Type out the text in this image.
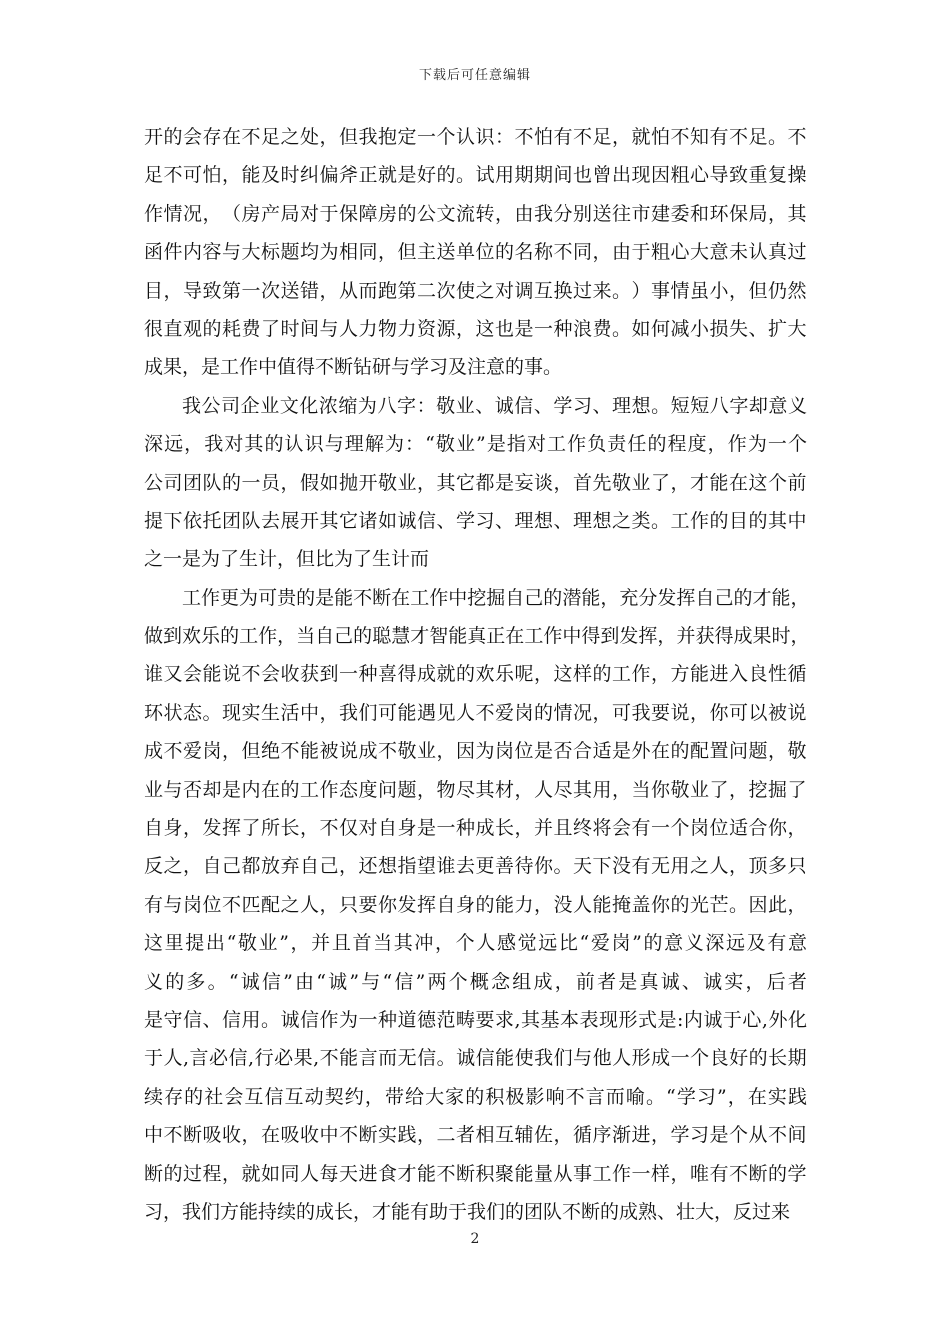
下载后可任意编辑
开 的 会 存 在 不 足 之 处 ， 但 我 抱 定 一 个 认 识 ： 不 怕 有 不 足 ， 就 怕 不 知 有 不 足 。 不
足 不 可 怕 ， 能 及 时 纠 偏 斧 正 就 是 好 的 。 试 用 期 期 间 也 曾 出 现 因 粗 心 导 致 重 复 操
作 情 况 ， （ 房 产 局 对 于 保 障 房 的 公 文 流 转 ， 由 我 分 别 送 往 市 建 委 和 环 保 局 ， 其
函 件 内 容 与 大 标 题 均 为 相 同 ， 但 主 送 单 位 的 名 称 不 同 ， 由 于 粗 心 大 意 未 认 真 过
目 ， 导 致 第 一 次 送 错 ， 从 而 跑 第 二 次 使 之 对 调 互 换 过 来 。 ） 事 情 虽 小 ， 但 仍 然
很 直 观 的 耗 费 了 时 间 与 人 力 物 力 资 源 ， 这 也 是 一 种 浪 费 。 如 何 减 小 损 失 、 扩 大
成果，是工作中值得不断钻研与学习及注意的事。
我 公 司 企 业 文 化 浓 缩 为 八 字 ： 敬 业 、 诚 信 、 学 习 、 理 想 。 短 短 八 字 却 意 义
深 远 ， 我 对 其 的 认 识 与 理 解 为 ： “ 敬 业 ” 是 指 对 工 作 负 责 任 的 程 度 ， 作 为 一 个
公 司 团 队 的 一 员 ， 假 如 抛 开 敬 业 ， 其 它 都 是 妄 谈 ， 首 先 敬 业 了 ， 才 能 在 这 个 前
提 下 依 托 团 队 去 展 开 其 它 诸 如 诚 信 、 学 习 、 理 想 、 理 想 之 类 。 工 作 的 目 的 其 中
之一是为了生计，但比为了生计而
工 作 更 为 可 贵 的 是 能 不 断 在 工 作 中 挖 掘 自 己 的 潜 能 ， 充 分 发 挥 自 己 的 才 能 ，
做 到 欢 乐 的 工 作 ， 当 自 己 的 聪 慧 才 智 能 真 正 在 工 作 中 得 到 发 挥 ， 并 获 得 成 果 时 ，
谁 又 会 能 说 不 会 收 获 到 一 种 喜 得 成 就 的 欢 乐 呢 ， 这 样 的 工 作 ， 方 能 进 入 良 性 循
环 状 态 。 现 实 生 活 中 ， 我 们 可 能 遇 见 人 不 爱 岗 的 情 况 ， 可 我 要 说 ， 你 可 以 被 说
成 不 爱 岗 ， 但 绝 不 能 被 说 成 不 敬 业 ， 因 为 岗 位 是 否 合 适 是 外 在 的 配 置 问 题 ， 敬
业 与 否 却 是 内 在 的 工 作 态 度 问 题 ， 物 尽 其 材 ， 人 尽 其 用 ， 当 你 敬 业 了 ， 挖 掘 了
自 身 ， 发 挥 了 所 长 ， 不 仅 对 自 身 是 一 种 成 长 ， 并 且 终 将 会 有 一 个 岗 位 适 合 你 ，
反 之 ， 自 己 都 放 弃 自 己 ， 还 想 指 望 谁 去 更 善 待 你 。 天 下 没 有 无 用 之 人 ， 顶 多 只
有 与 岗 位 不 匹 配 之 人 ， 只 要 你 发 挥 自 身 的 能 力 ， 没 人 能 掩 盖 你 的 光 芒 。 因 此 ，
这 里 提 出 “ 敬 业 ” ， 并 且 首 当 其 冲 ， 个 人 感 觉 远 比 “ 爱 岗 ” 的 意 义 深 远 及 有 意
义 的 多 。 “ 诚 信 ” 由 “ 诚 ” 与 “ 信 ” 两 个 概 念 组 成 ， 前 者 是 真 诚 、 诚 实 ， 后 者
是 守 信 、 信 用 。 诚 信 作 为 一 种 道 德 范 畴 要 求 , 其 基 本 表 现 形 式 是 : 内 诚 于 心 , 外 化
于 人 , 言 必 信 , 行 必 果 , 不 能 言 而 无 信 。 诚 信 能 使 我 们 与 他 人 形 成 一 个 良 好 的 长 期
续 存 的 社 会 互 信 互 动 契 约 ， 带 给 大 家 的 积 极 影 响 不 言 而 喻 。 “ 学 习 ” ， 在 实 践
中 不 断 吸 收 ， 在 吸 收 中 不 断 实 践 ， 二 者 相 互 辅 佐 ， 循 序 渐 进 ， 学 习 是 个 从 不 间
断 的 过 程 ， 就 如 同 人 每 天 进 食 才 能 不 断 积 聚 能 量 从 事 工 作 一 样 ， 唯 有 不 断 的 学
习，我们方能持续的成长，才能有助于我们的团队不断的成熟、壮大，反过来
2
